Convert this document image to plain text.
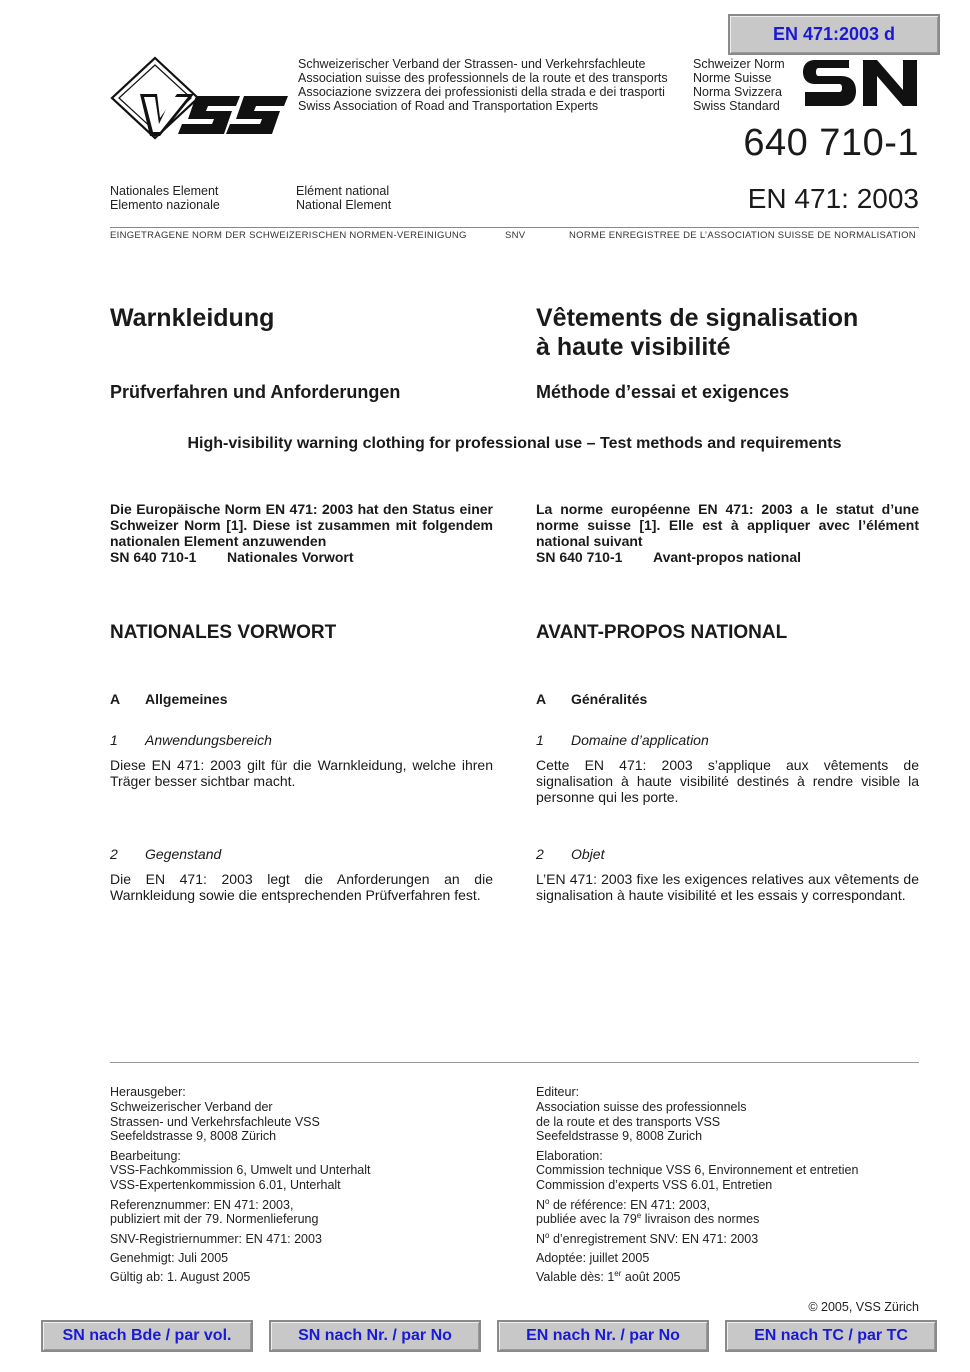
EN 471:2003 d
Schweizerischer Verband der Strassen- und Verkehrsfachleute
Association suisse des professionnels de la route et des transports
Associazione svizzera dei professionisti della strada e dei trasporti
Swiss Association of Road and Transportation Experts
Schweizer Norm
Norme Suisse
Norma Svizzera
Swiss Standard
640 710-1
EN 471: 2003
Nationales Element
Elemento nazionale
Elément national
National Element
EINGETRAGENE NORM DER SCHWEIZERISCHEN NORMEN-VEREINIGUNG	SNV	NORME ENREGISTREE DE L’ASSOCIATION SUISSE DE NORMALISATION
Warnkleidung	Vêtements de signalisation
à haute visibilité
Prüfverfahren und Anforderungen	Méthode d’essai et exigences
High-visibility warning clothing for professional use – Test methods and requirements
Die Europäische Norm EN 471: 2003 hat den Status einer Schweizer Norm [1]. Diese ist zusammen mit folgendem nationalen Element anzuwenden
SN 640 710-1 Nationales Vorwort
La norme européenne EN 471: 2003 a le statut d’une norme suisse [1]. Elle est à appliquer avec l’élément national suivant
SN 640 710-1 Avant-propos national
NATIONALES VORWORT
A Allgemeines
1 Anwendungsbereich
Diese EN 471: 2003 gilt für die Warnkleidung, welche ihren Träger besser sichtbar macht.
2 Gegenstand
Die EN 471: 2003 legt die Anforderungen an die Warnkleidung sowie die entsprechenden Prüfverfahren fest.
AVANT-PROPOS NATIONAL
A Généralités
1 Domaine d’application
Cette EN 471: 2003 s’applique aux vêtements de signalisation à haute visibilité destinés à rendre visible la personne qui les porte.
2 Objet
L’EN 471: 2003 fixe les exigences relatives aux vêtements de signalisation à haute visibilité et les essais y correspondant.
Herausgeber:
Schweizerischer Verband der
Strassen- und Verkehrsfachleute VSS
Seefeldstrasse 9, 8008 Zürich
Bearbeitung:
VSS-Fachkommission 6, Umwelt und Unterhalt
VSS-Expertenkommission 6.01, Unterhalt
Referenznummer: EN 471: 2003,
publiziert mit der 79. Normenlieferung
SNV-Registriernummer: EN 471: 2003
Genehmigt: Juli 2005
Gültig ab: 1. August 2005
Editeur:
Association suisse des professionnels
de la route et des transports VSS
Seefeldstrasse 9, 8008 Zurich
Elaboration:
Commission technique VSS 6, Environnement et entretien
Commission d’experts VSS 6.01, Entretien
$N^o$ de référence: EN 471: 2003,
publiée avec la 79e livraison des normes
$N^o$ d’enregistrement SNV: EN 471: 2003
Adoptée: juillet 2005
Valable dès: 1er août 2005
© 2005, VSS Zürich
SN nach Bde / par vol.	SN nach Nr. / par No	EN nach Nr. / par No	EN nach TC / par TC
